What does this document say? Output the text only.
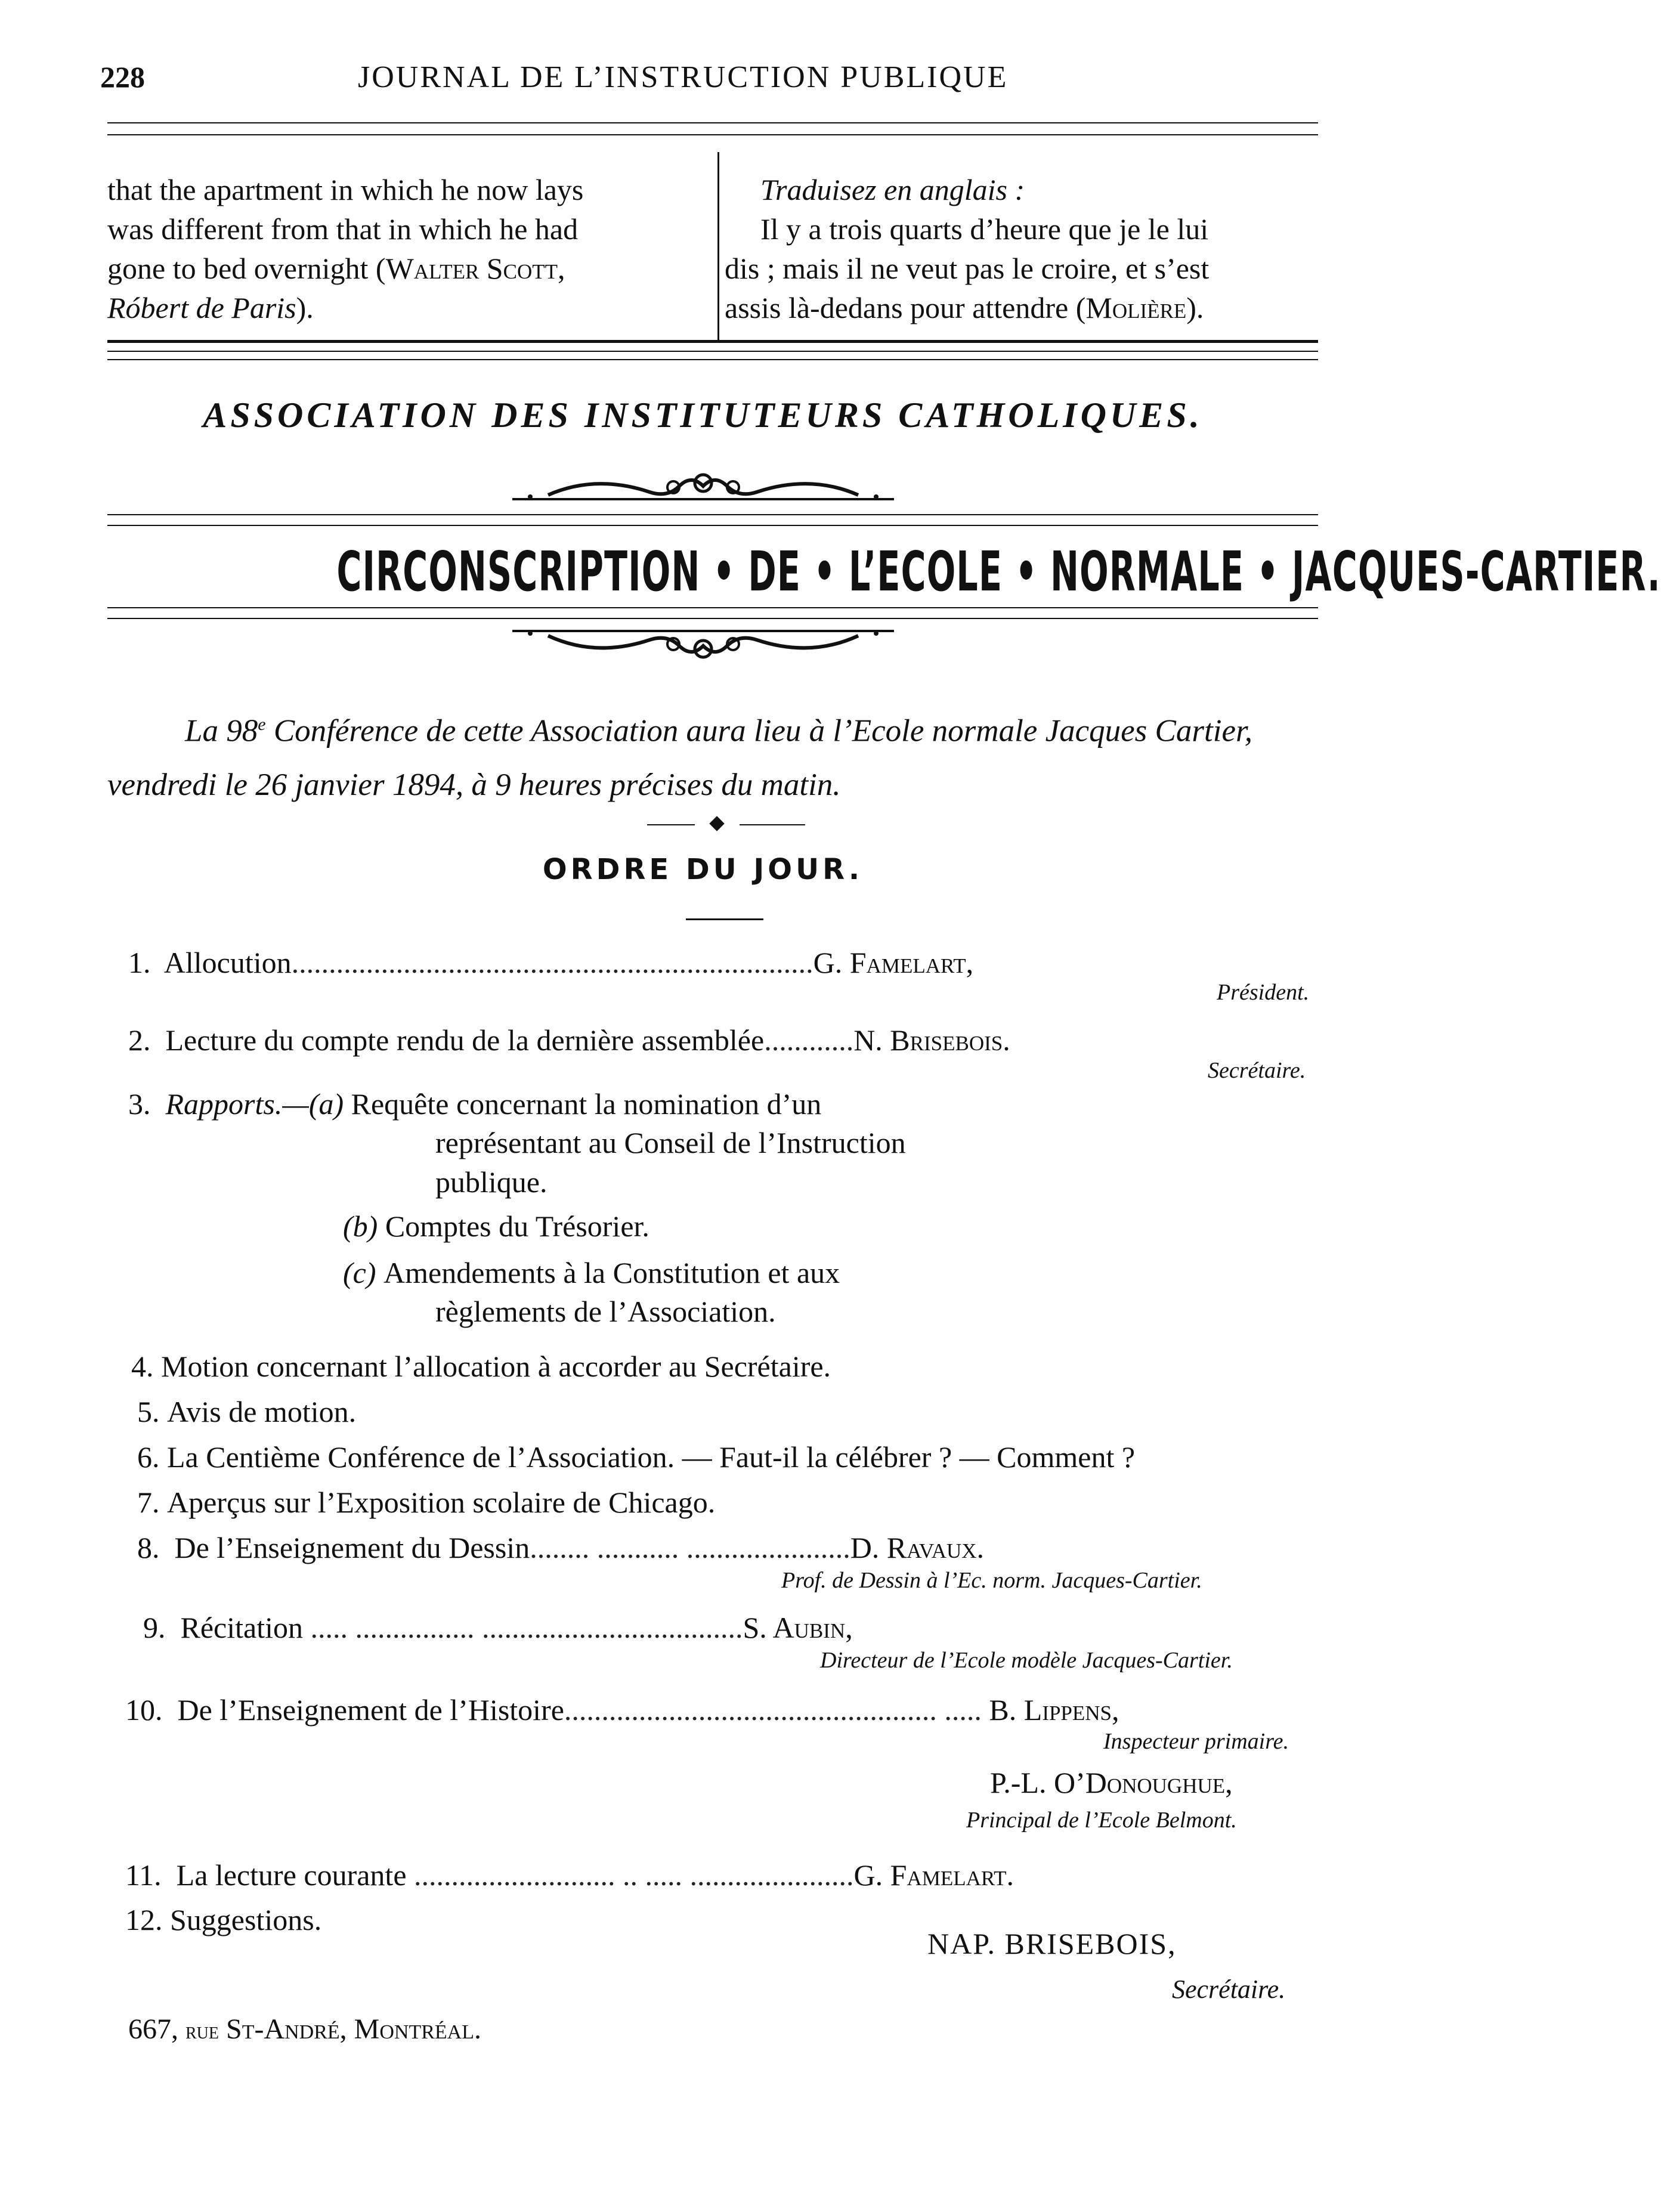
228	JOURNAL DE L’INSTRUCTION PUBLIQUE
that the apartment in which he now lays
was different from that in which he had
gone to bed overnight (Walter Scott,
Róbert de Paris).
Traduisez en anglais :
Il y a trois quarts d’heure que je le lui
dis ; mais il ne veut pas le croire, et s’est
assis là-dedans pour attendre (Molière).
ASSOCIATION DES INSTITUTEURS CATHOLIQUES.
CIRCONSCRIPTION • DE • L’ECOLE • NORMALE • JACQUES-CARTIER.
La 98e Conférence de cette Association aura lieu à l’Ecole normale Jacques Cartier, vendredi le 26 janvier 1894, à 9 heures précises du matin.
ORDRE DU JOUR.
1. Allocution......................................................................G. Famelart,
Président.
2. Lecture du compte rendu de la dernière assemblée............N. Brisebois.
Secrétaire.
3. Rapports.—(a) Requête concernant la nomination d’un
représentant au Conseil de l’Instruction
publique.
(b) Comptes du Trésorier.
(c) Amendements à la Constitution et aux
règlements de l’Association.
4. Motion concernant l’allocation à accorder au Secrétaire.
5. Avis de motion.
6. La Centième Conférence de l’Association. — Faut-il la célébrer ? — Comment ?
7. Aperçus sur l’Exposition scolaire de Chicago.
8. De l’Enseignement du Dessin........ ........... ......................D. Ravaux.
Prof. de Dessin à l’Ec. norm. Jacques-Cartier.
9. Récitation ..... ................ ...................................S. Aubin,
Directeur de l’Ecole modèle Jacques-Cartier.
10. De l’Enseignement de l’Histoire.................................................. ..... B. Lippens,
Inspecteur primaire.
P.-L. O’Donoughue,
Principal de l’Ecole Belmont.
11. La lecture courante ........................... .. ..... ......................G. Famelart.
12. Suggestions.
NAP. BRISEBOIS,
Secrétaire.
667, rue St-André, Montréal.
